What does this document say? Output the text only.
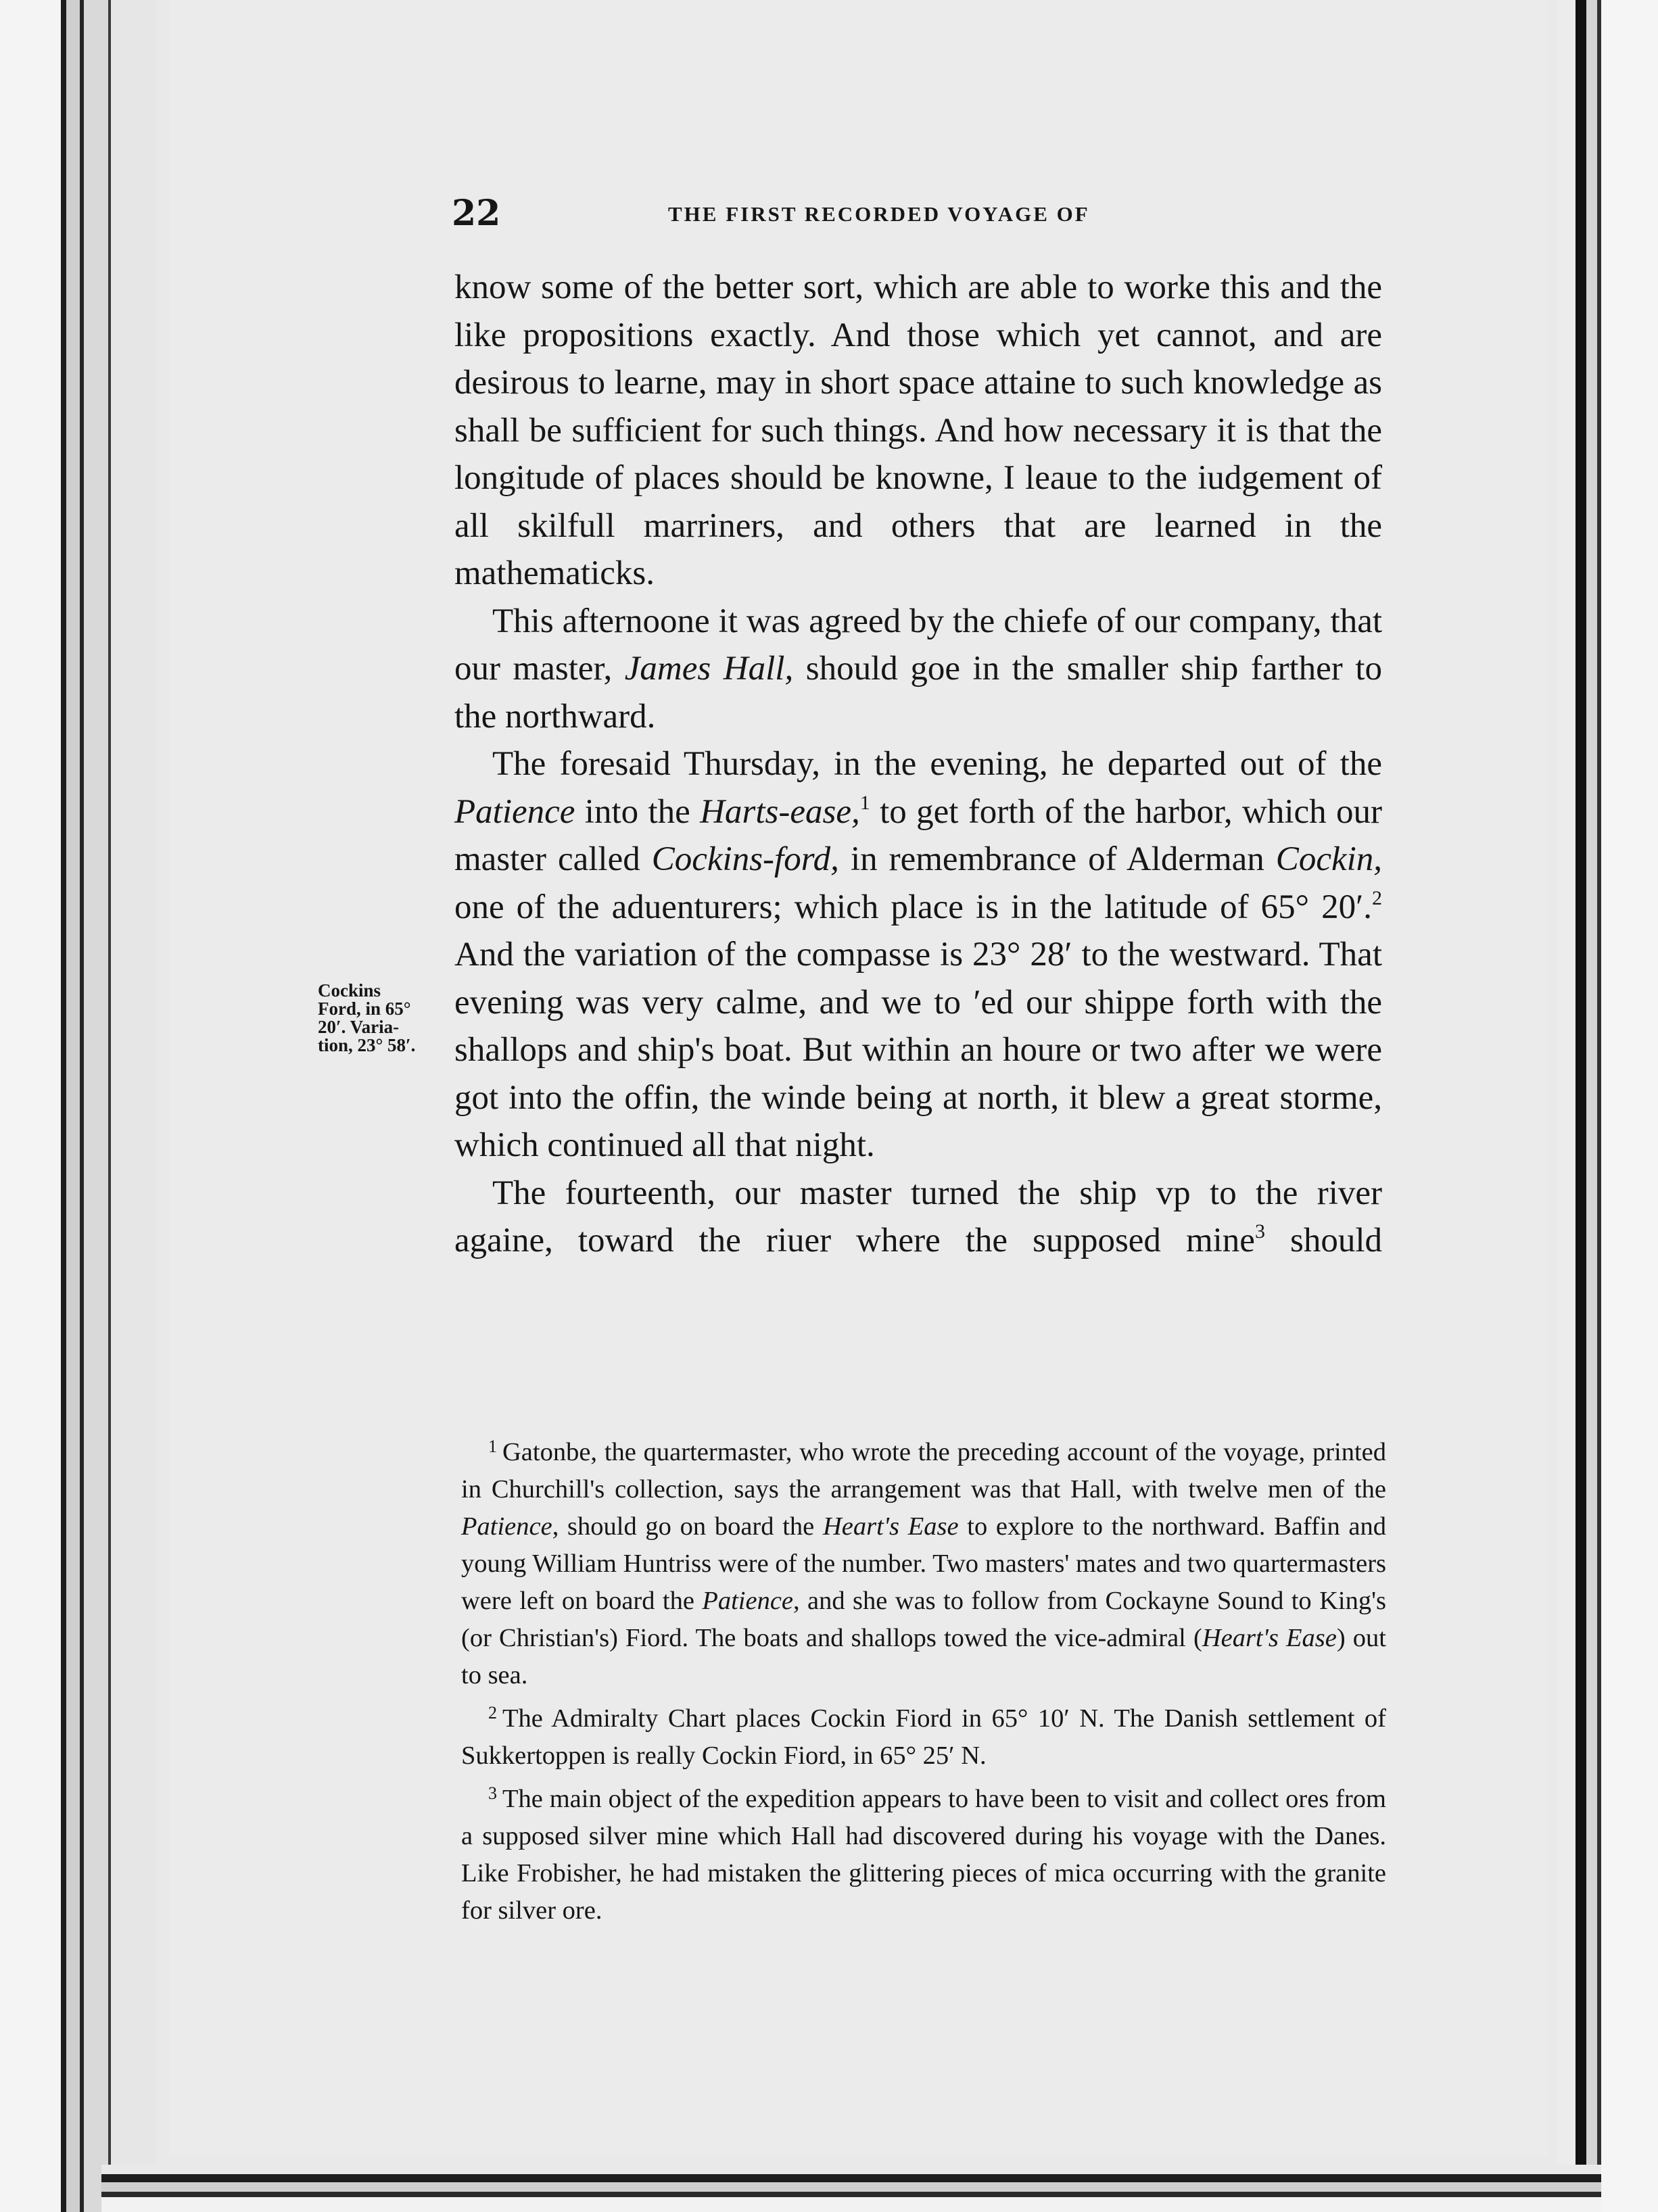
22	THE FIRST RECORDED VOYAGE OF
Cockins
Ford, in 65°
20′. Varia-
tion, 23° 58′.

know some of the better sort, which are able to worke this and the like propositions exactly. And those which yet cannot, and are desirous to learne, may in short space attaine to such knowledge as shall be sufficient for such things. And how necessary it is that the longitude of places should be knowne, I leaue to the iudgement of all skilfull marriners, and others that are learned in the mathematicks.

This afternoone it was agreed by the chiefe of our company, that our master, James Hall, should goe in the smaller ship farther to the northward.

The foresaid Thursday, in the evening, he departed out of the Patience into the Harts-ease,$^1$ to get forth of the harbor, which our master called Cockins-ford, in remembrance of Alderman Cockin, one of the aduenturers; which place is in the latitude of 65° 20′.$^2$ And the variation of the compasse is 23° 28′ to the westward. That evening was very calme, and we to ′ed our shippe forth with the shallops and ship's boat. But within an houre or two after we were got into the offin, the winde being at north, it blew a great storme, which continued all that night.

The fourteenth, our master turned the ship vp to the river againe, toward the riuer where the supposed mine$^3$ should

$^1$ Gatonbe, the quartermaster, who wrote the preceding account of the voyage, printed in Churchill's collection, says the arrangement was that Hall, with twelve men of the Patience, should go on board the Heart's Ease to explore to the northward. Baffin and young William Huntriss were of the number. Two masters' mates and two quartermasters were left on board the Patience, and she was to follow from Cockayne Sound to King's (or Christian's) Fiord. The boats and shallops towed the vice-admiral (Heart's Ease) out to sea.

$^2$ The Admiralty Chart places Cockin Fiord in 65° 10′ N. The Danish settlement of Sukkertoppen is really Cockin Fiord, in 65° 25′ N.

$^3$ The main object of the expedition appears to have been to visit and collect ores from a supposed silver mine which Hall had discovered during his voyage with the Danes. Like Frobisher, he had mistaken the glittering pieces of mica occurring with the granite for silver ore.
